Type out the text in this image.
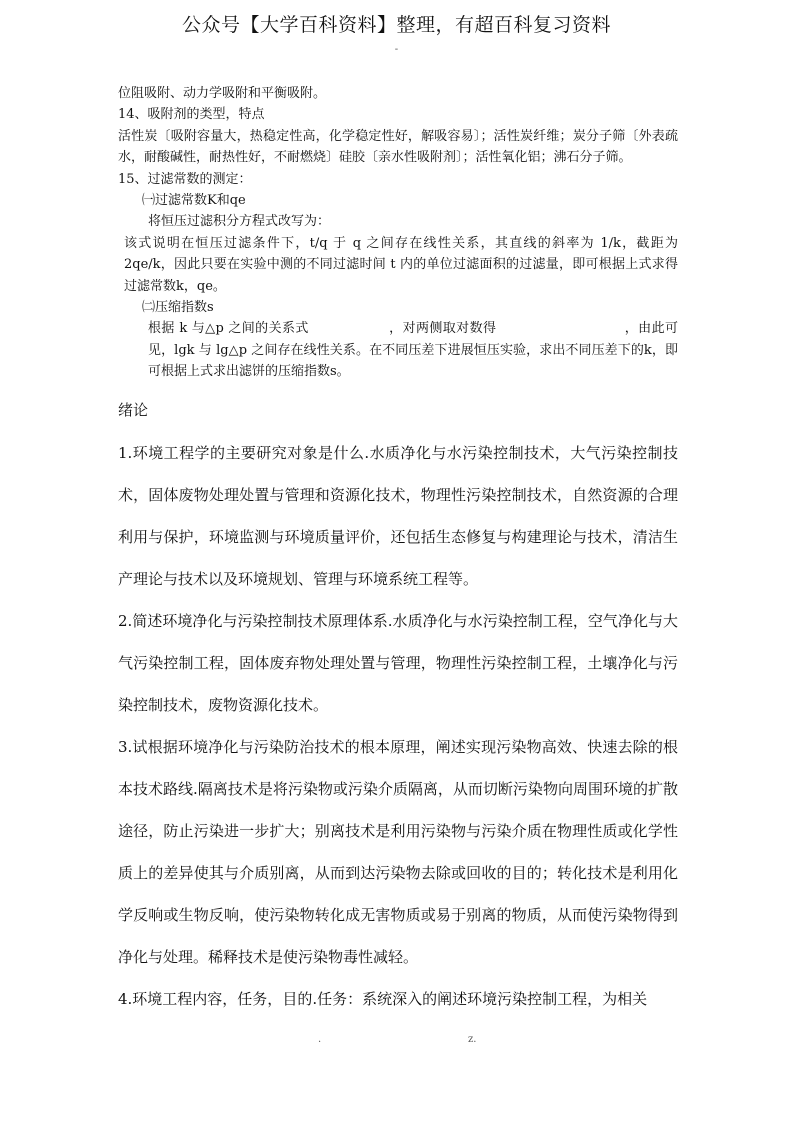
公众号【大学百科资料】整理，有超百科复习资料
-

位阻吸附、动力学吸附和平衡吸附。

14、吸附剂的类型，特点

活性炭〔吸附容量大，热稳定性高，化学稳定性好，解吸容易〕；活性炭纤维；炭分子筛〔外表疏水，耐酸碱性，耐热性好，不耐燃烧〕硅胶〔亲水性吸附剂〕；活性氧化铝；沸石分子筛。

15、过滤常数的测定：

㈠过滤常数K和qe

将恒压过滤积分方程式改写为：

该式说明在恒压过滤条件下，t/q 于 q 之间存在线性关系，其直线的斜率为 1/k，截距为 2qe/k，因此只要在实验中测的不同过滤时间 t 内的单位过滤面积的过滤量，即可根据上式求得过滤常数k，qe。

㈡压缩指数s

根据 k 与△p 之间的关系式	，对两侧取对数得	，由此可见，lgk 与 lg△p 之间存在线性关系。在不同压差下进展恒压实验，求出不同压差下的k，即可根据上式求出滤饼的压缩指数s。

绪论

1.环境工程学的主要研究对象是什么.水质净化与水污染控制技术，大气污染控制技术，固体废物处理处置与管理和资源化技术，物理性污染控制技术，自然资源的合理利用与保护，环境监测与环境质量评价，还包括生态修复与构建理论与技术，清洁生产理论与技术以及环境规划、管理与环境系统工程等。

2.简述环境净化与污染控制技术原理体系.水质净化与水污染控制工程，空气净化与大气污染控制工程，固体废弃物处理处置与管理，物理性污染控制工程，土壤净化与污染控制技术，废物资源化技术。

3.试根据环境净化与污染防治技术的根本原理，阐述实现污染物高效、快速去除的根本技术路线.隔离技术是将污染物或污染介质隔离，从而切断污染物向周围环境的扩散途径，防止污染进一步扩大；别离技术是利用污染物与污染介质在物理性质或化学性质上的差异使其与介质别离，从而到达污染物去除或回收的目的；转化技术是利用化学反响或生物反响，使污染物转化成无害物质或易于别离的物质，从而使污染物得到净化与处理。稀释技术是使污染物毒性减轻。

4.环境工程内容，任务，目的.任务：系统深入的阐述环境污染控制工程，为相关

.	z.
